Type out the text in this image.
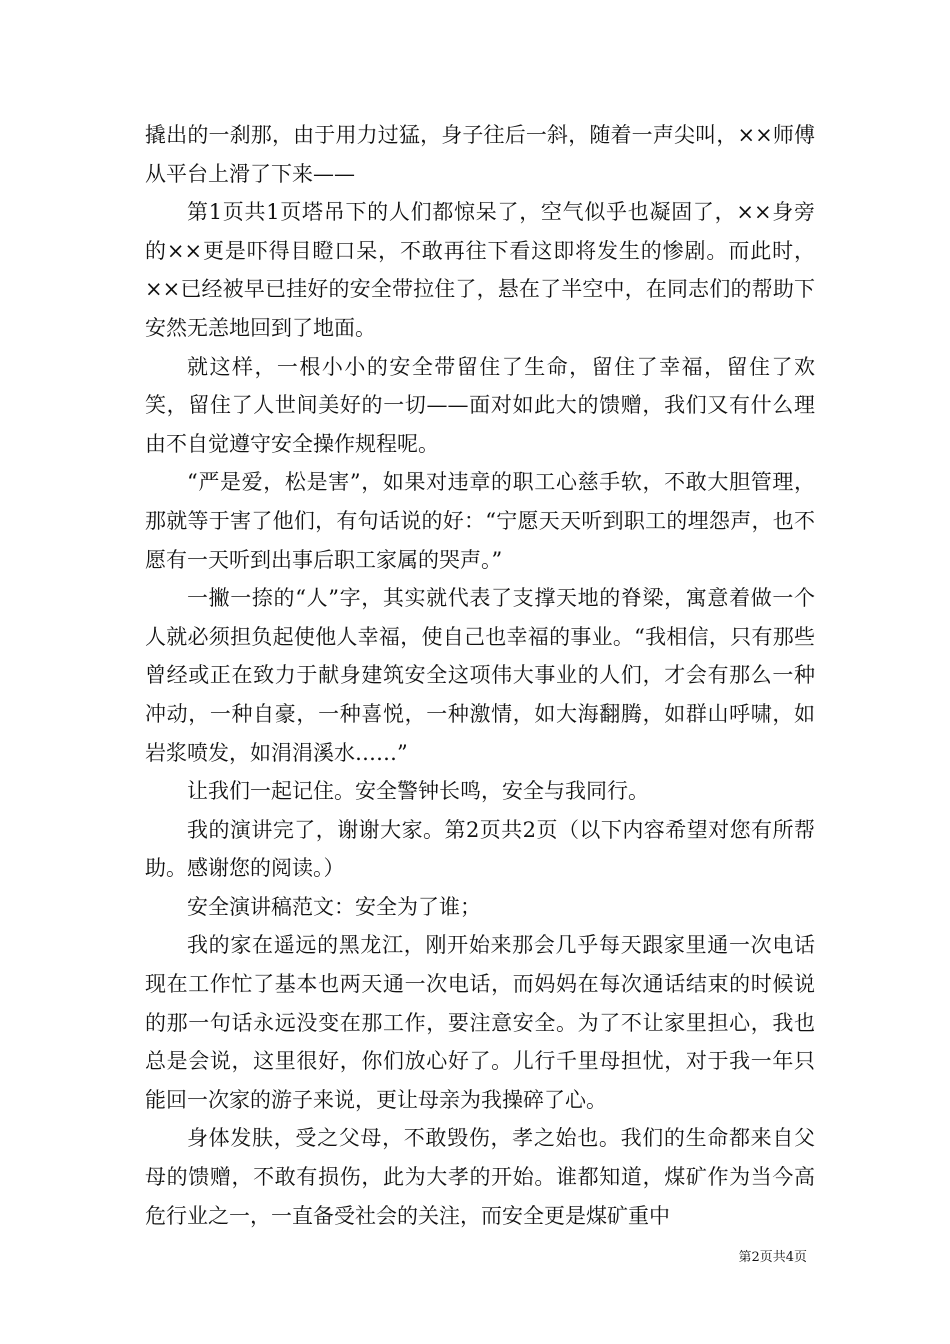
撬出的一刹那，由于用力过猛，身子往后一斜，随着一声尖叫，××师傅从平台上滑了下来——

第1页共1页塔吊下的人们都惊呆了，空气似乎也凝固了，××身旁的××更是吓得目瞪口呆，不敢再往下看这即将发生的惨剧。而此时，××已经被早已挂好的安全带拉住了，悬在了半空中，在同志们的帮助下安然无恙地回到了地面。

就这样，一根小小的安全带留住了生命，留住了幸福，留住了欢笑，留住了人世间美好的一切——面对如此大的馈赠，我们又有什么理由不自觉遵守安全操作规程呢。

“严是爱，松是害”，如果对违章的职工心慈手软，不敢大胆管理，那就等于害了他们，有句话说的好：“宁愿天天听到职工的埋怨声，也不愿有一天听到出事后职工家属的哭声。”

一撇一捺的“人”字，其实就代表了支撑天地的脊梁，寓意着做一个人就必须担负起使他人幸福，使自己也幸福的事业。“我相信，只有那些曾经或正在致力于献身建筑安全这项伟大事业的人们，才会有那么一种冲动，一种自豪，一种喜悦，一种激情，如大海翻腾，如群山呼啸，如岩浆喷发，如涓涓溪水……”

让我们一起记住。安全警钟长鸣，安全与我同行。

我的演讲完了，谢谢大家。第2页共2页（以下内容希望对您有所帮助。感谢您的阅读。）

安全演讲稿范文：安全为了谁；

我的家在遥远的黑龙江，刚开始来那会几乎每天跟家里通一次电话现在工作忙了基本也两天通一次电话，而妈妈在每次通话结束的时候说的那一句话永远没变在那工作，要注意安全。为了不让家里担心，我也总是会说，这里很好，你们放心好了。儿行千里母担忧，对于我一年只能回一次家的游子来说，更让母亲为我操碎了心。

身体发肤，受之父母，不敢毁伤，孝之始也。我们的生命都来自父母的馈赠，不敢有损伤，此为大孝的开始。谁都知道，煤矿作为当今高危行业之一，一直备受社会的关注，而安全更是煤矿重中

第2页共4页
